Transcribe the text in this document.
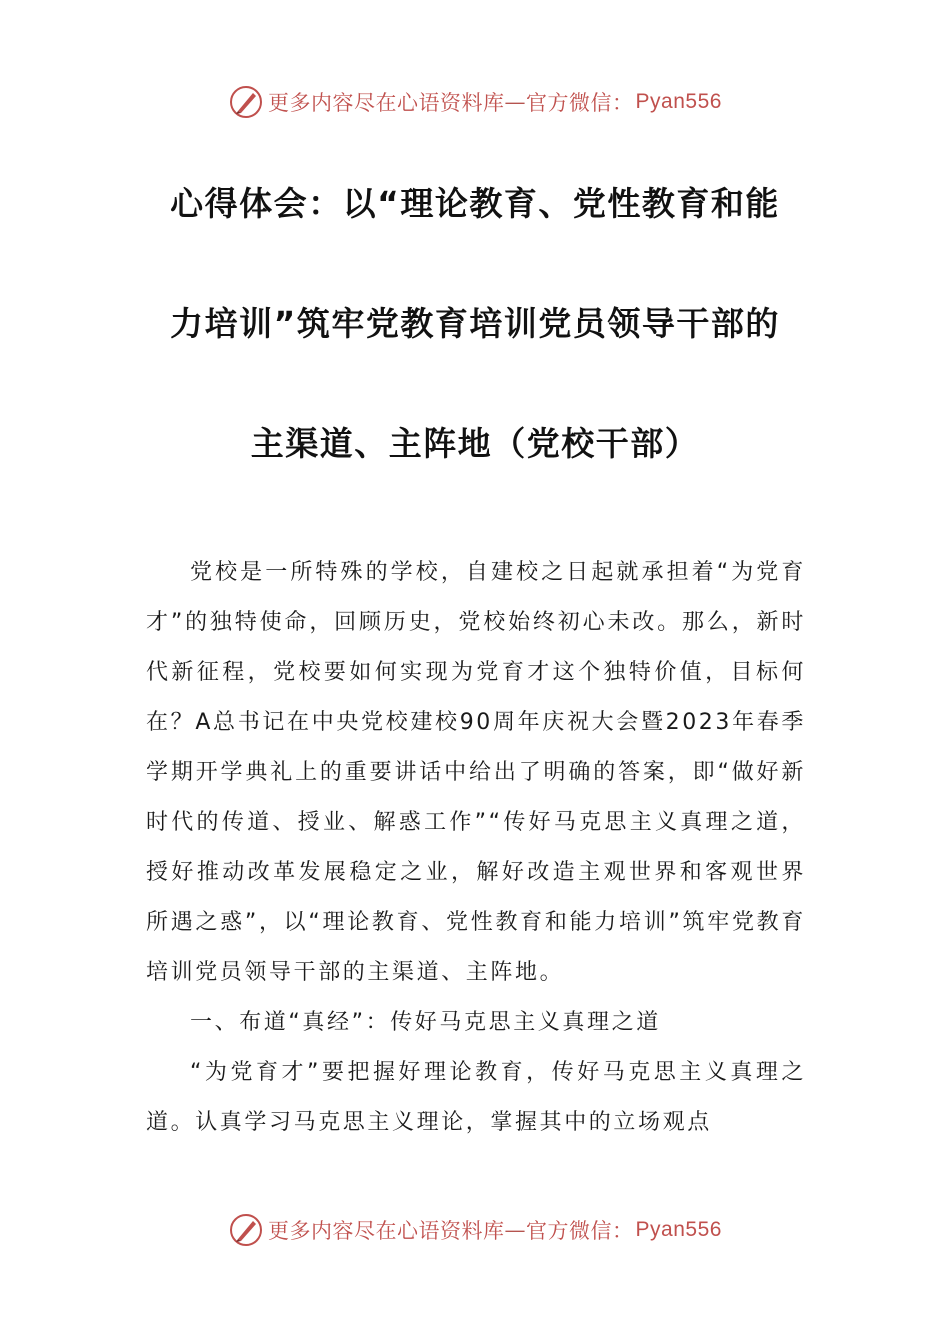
更多内容尽在心语资料库 — 官方微信： Pyan556
心得体会：以“理论教育、党性教育和能
力培训”筑牢党教育培训党员领导干部的
主渠道、主阵地（党校干部）

党校是一所特殊的学校，自建校之日起就承担着“为党育才”的独特使命，回顾历史，党校始终初心未改。那么，新时代新征程，党校要如何实现为党育才这个独特价值，目标何在？A总书记在中央党校建校90周年庆祝大会暨2023年春季学期开学典礼上的重要讲话中给出了明确的答案，即“做好新时代的传道、授业、解惑工作”“传好马克思主义真理之道，授好推动改革发展稳定之业，解好改造主观世界和客观世界所遇之惑”，以“理论教育、党性教育和能力培训”筑牢党教育培训党员领导干部的主渠道、主阵地。

一、布道“真经”：传好马克思主义真理之道

“为党育才”要把握好理论教育，传好马克思主义真理之道。认真学习马克思主义理论，掌握其中的立场观点

更多内容尽在心语资料库 — 官方微信： Pyan556
